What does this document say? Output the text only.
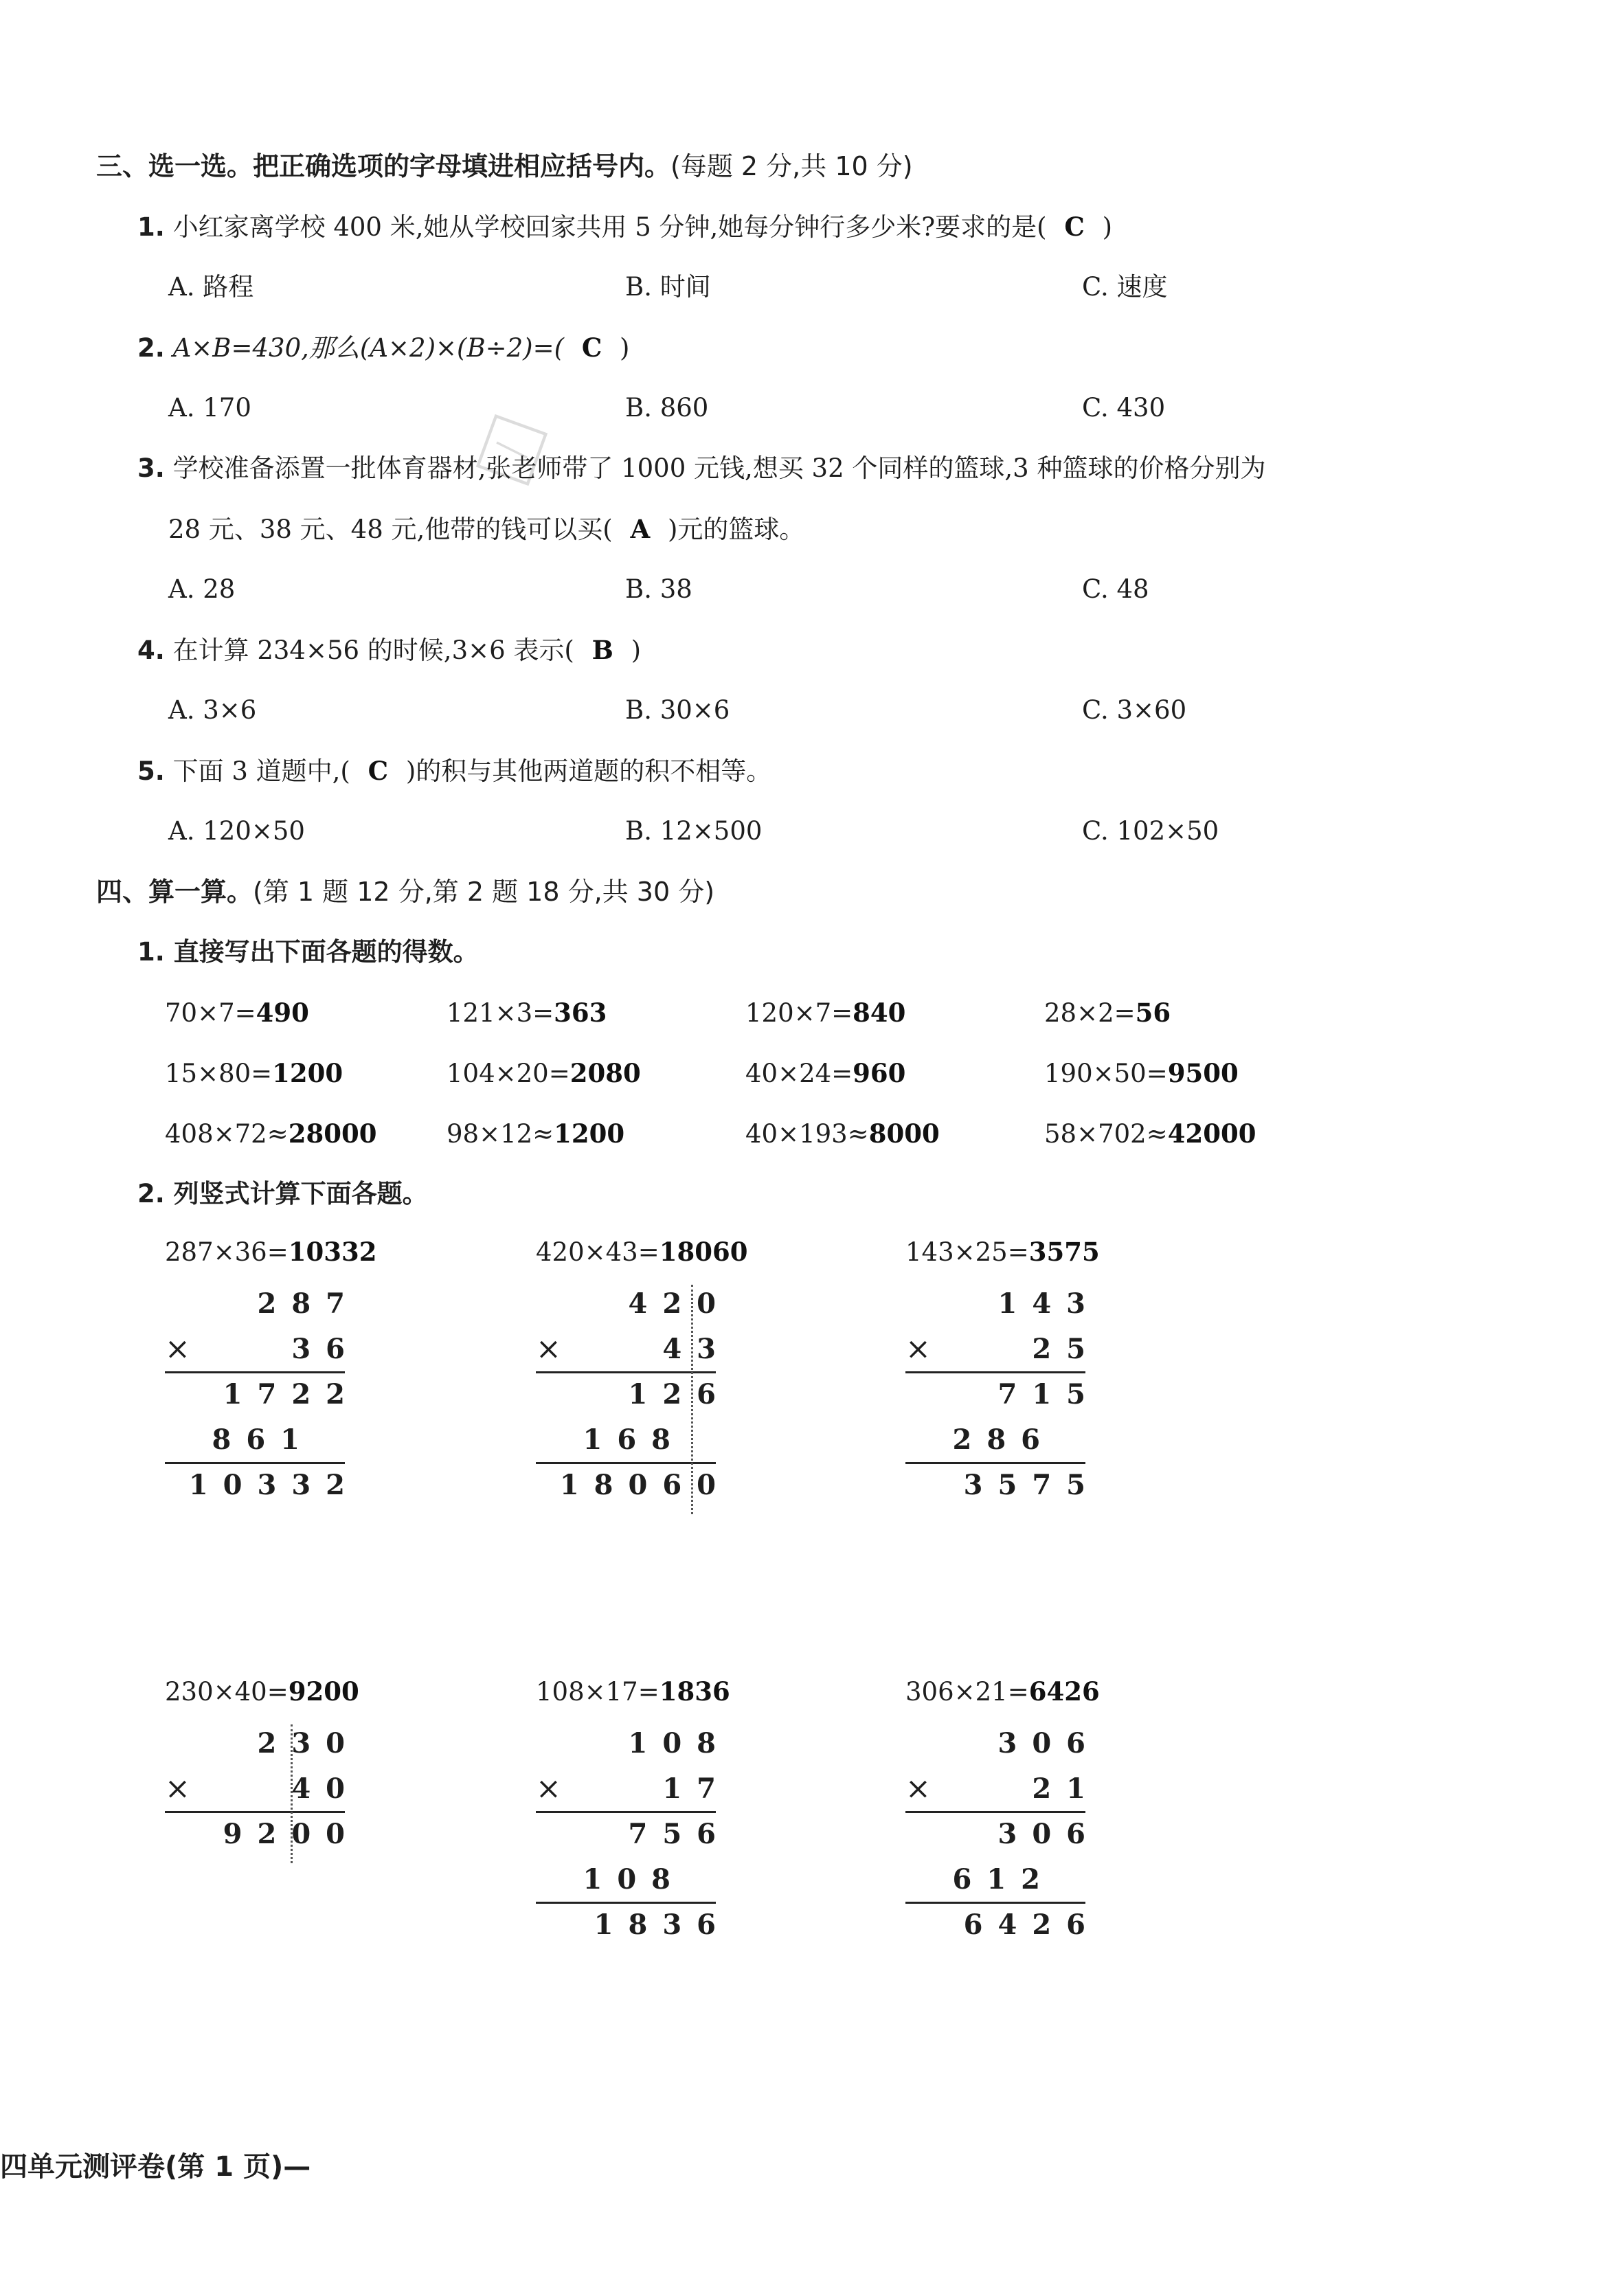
三、选一选。把正确选项的字母填进相应括号内。(每题 2 分,共 10 分)
1. 小红家离学校 400 米,她从学校回家共用 5 分钟,她每分钟行多少米?要求的是( C )
A. 路程	B. 时间	C. 速度
2. A×B=430,那么(A×2)×(B÷2)=( C )
A. 170	B. 860	C. 430
3. 学校准备添置一批体育器材,张老师带了 1000 元钱,想买 32 个同样的篮球,3 种篮球的价格分别为
28 元、38 元、48 元,他带的钱可以买( A )元的篮球。
A. 28	B. 38	C. 48
4. 在计算 234×56 的时候,3×6 表示( B )
A. 3×6	B. 30×6	C. 3×60
5. 下面 3 道题中,( C )的积与其他两道题的积不相等。
A. 120×50	B. 12×500	C. 102×50
四、算一算。(第 1 题 12 分,第 2 题 18 分,共 30 分)
1. 直接写出下面各题的得数。
70×7=490	121×3=363	120×7=840	28×2=56
15×80=1200	104×20=2080	40×24=960	190×50=9500
408×72≈28000	98×12≈1200	40×193≈8000	58×702≈42000
2. 列竖式计算下面各题。
287×36=10332
287
×	36
1722
861
10332
420×43=18060
420
×	43
126
168
18060
143×25=3575
143
×	25
715
286
3575
230×40=9200
230
×	40
9200
108×17=1836
108
×	17
756
108
1836
306×21=6426
306
×	21
306
612
6426
四单元测评卷(第 1 页)—
